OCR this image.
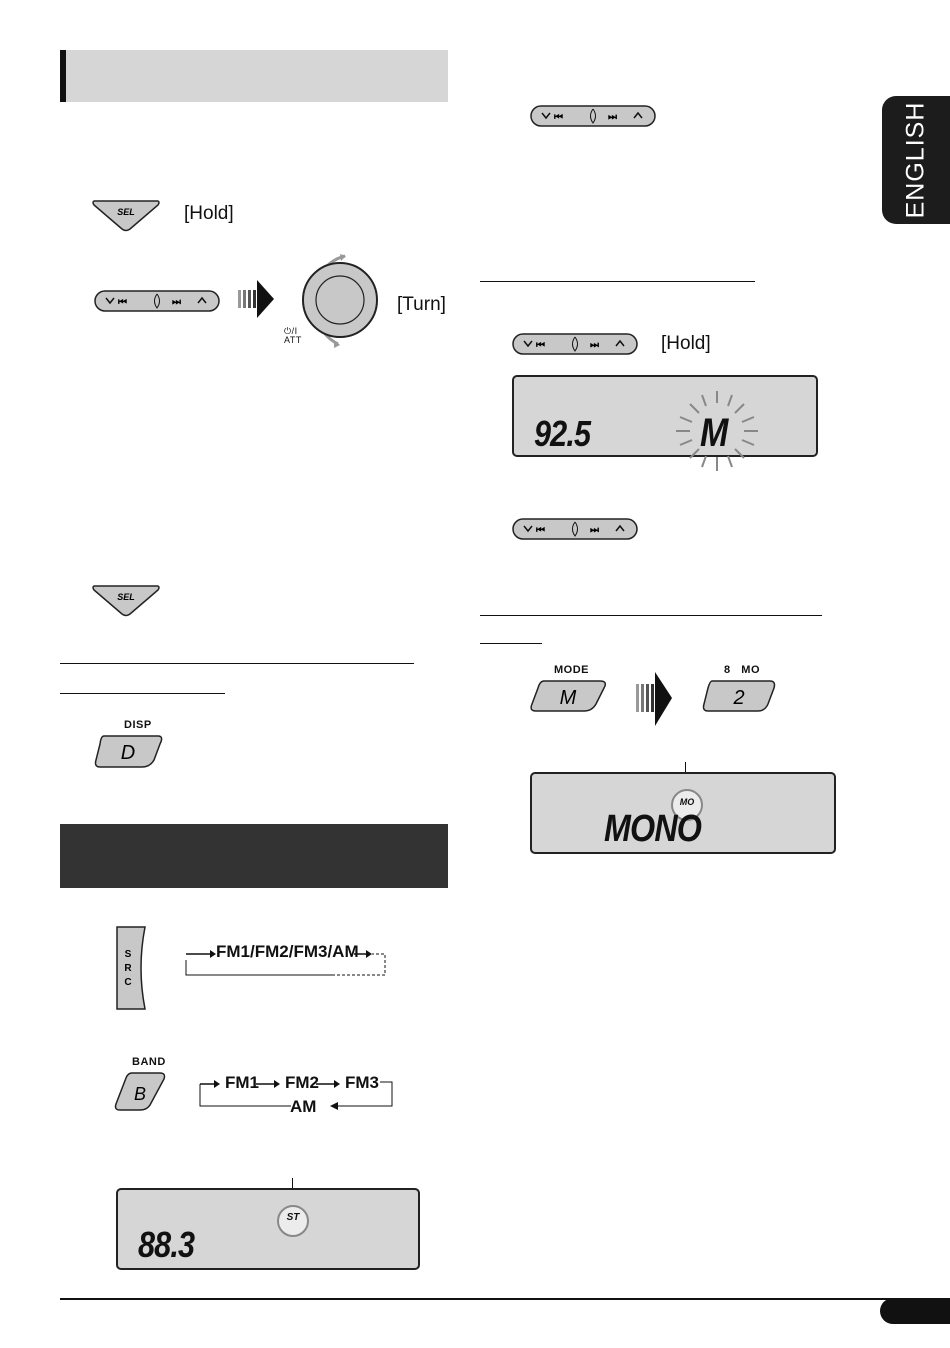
ENGLISH
SEL	[Hold]
⏮	⏭
⏻/I
ATT
[Turn]
SEL
DISP
D
S
R
C
FM1/FM2/FM3/AM
BAND
B
FM1 FM2 FM3
AM
ST
88.3
⏮	⏭
⏮	⏭	[Hold]
M
92.5
⏮	⏭
MODE
M
8   MO
2
MO
MONO
